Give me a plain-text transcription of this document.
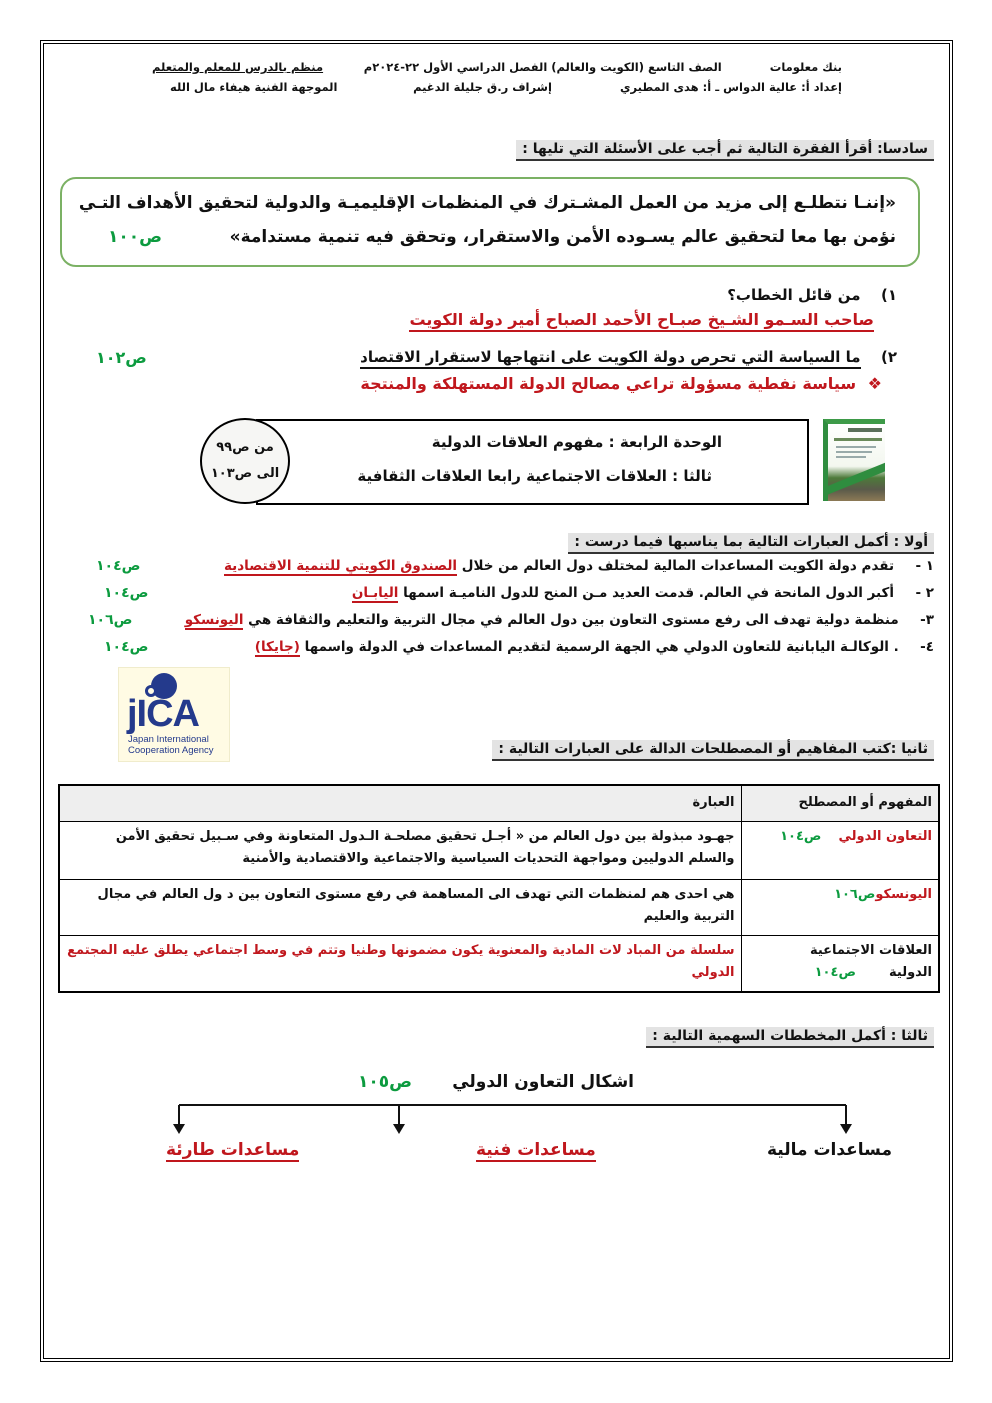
بنك معلومات  الصف التاسع (الكويت والعالم) الفصل الدراسي الأول ٢٢-٢٠٢٤م
منظم بالدرس للمعلم والمتعلم
إعداد أ: عالية الدواس ـ أ: هدى المطيري  إشراف ر.ق جليلة الدغيم
الموجهة الفنية هيفاء مال الله
سادسا: أقرأ الفقرة التالية ثم أجب على الأسئلة التي تليها :
«إننـا نتطلـع إلى مزيد من العمل المشـترك في المنظمات الإقليميـة والدولية لتحقيق الأهداف التـي
نؤمن بها معا لتحقيق عالم يسـوده الأمن والاستقرار، وتحقق فيه تنمية مستدامة»
ص١٠٠
١)  من قائل الخطاب؟
صاحب السـمو الشـيخ صبـاح الأحمد الصباح أمير دولة الكويت
٢)  ما السياسة التي تحرص دولة الكويت على انتهاجها لاستقرار الاقتصاد
ص١٠٢
❖ سياسة نفطية مسؤولة تراعي مصالح الدولة المستهلكة والمنتجة
الوحدة الرابعة : مفهوم العلاقات الدولية
ثالثا : العلاقات الاجتماعية رابعا العلاقات الثقافية
من ص٩٩
الى ص١٠٣
أولا : أكمل العبارات التالية بما يناسبها فيما درست :
١ -  تقدم دولة الكويت المساعدات المالية لمختلف دول العالم من خلال الصندوق الكويتي للتنمية الاقتصادية
ص١٠٤
٢ -  أكبر الدول المانحة في العالم. قدمت العديد مـن المنح للدول الناميـة اسمها اليابـان
ص١٠٤
٣-  منظمة دولية تهدف الى رفع مستوى التعاون بين دول العالم في مجال التربية والتعليم والثقافة هي اليونسكو
ص١٠٦
٤-  . الوكالـة اليابانية للتعاون الدولي هي الجهة الرسمية لتقديم المساعدات في الدولة واسمها (جايكا)
ص١٠٤
jICA
Japan International
Cooperation Agency	ثانيا :كتب المفاهيم أو المصطلحات الدالة على العبارات التالية :
المفهوم أو المصطلح	العبارة
التعاون الدولي  ص١٠٤	جهـود مبذولة بين دول العالم من « أجـل تحقيق مصلحـة الـدول المتعاونة وفي سـبيل تحقيق الأمن والسلم الدوليين ومواجهة التحديات السياسية والاجتماعية والاقتصادية والأمنية
اليونسكوص١٠٦	هي احدى هم لمنظمات التي تهدف الى المساهمة في رفع مستوى التعاون بين د ول العالم في مجال التربية والعليم

العلاقات الاجتماعية
الدولية  ص١٠٤	سلسلة من المباد لات المادية والمعنوية يكون مضمونها وطنيا وتتم في وسط اجتماعي يطلق عليه المجتمع الدولي
ثالثا : أكمل المخططات السهمية التالية :
اشكال التعاون الدولي
ص١٠٥
مساعدات مالية
مساعدات فنية
مساعدات طارئة
